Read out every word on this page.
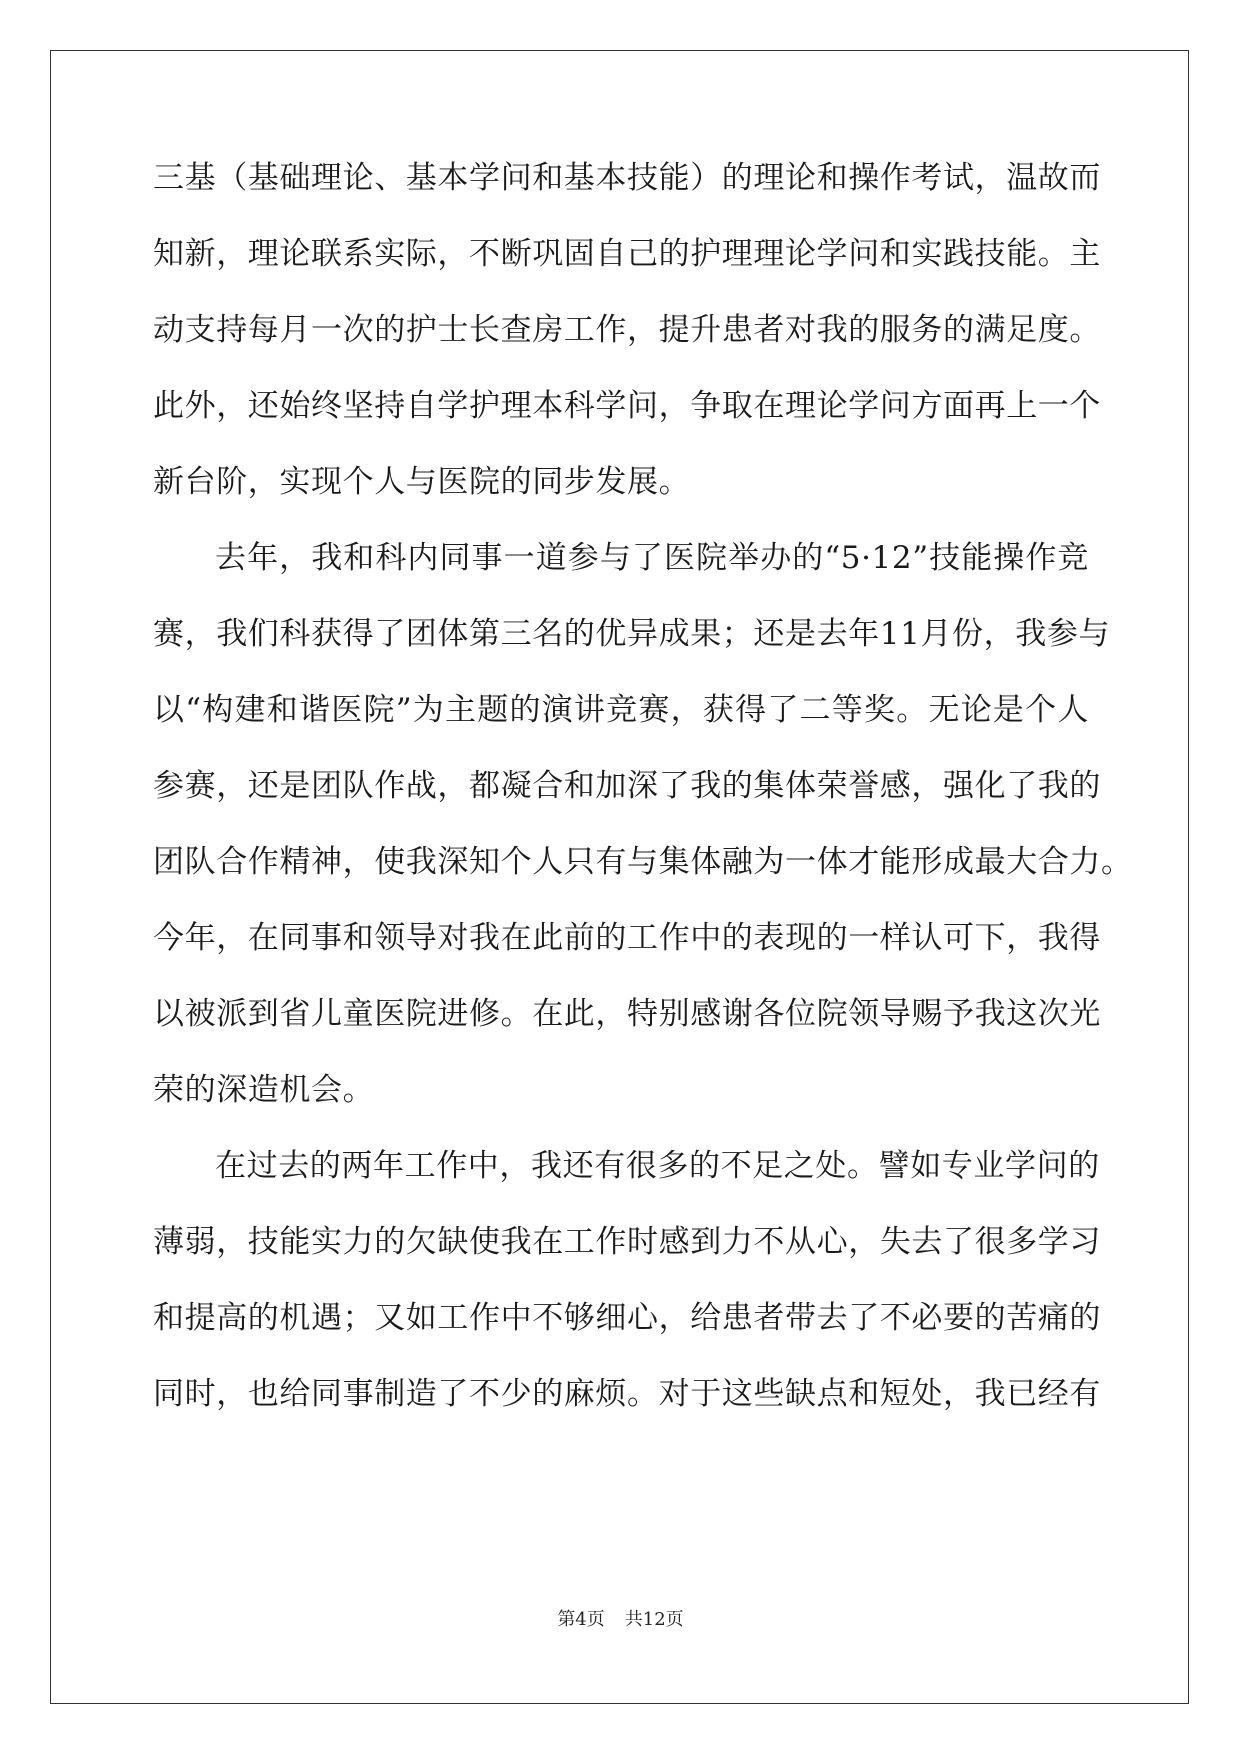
三基（基础理论、基本学问和基本技能）的理论和操作考试，温故而
知新，理论联系实际，不断巩固自己的护理理论学问和实践技能。主
动支持每月一次的护士长查房工作，提升患者对我的服务的满足度。
此外，还始终坚持自学护理本科学问，争取在理论学问方面再上一个
新台阶，实现个人与医院的同步发展。
去年，我和科内同事一道参与了医院举办的“5·12”技能操作竞
赛，我们科获得了团体第三名的优异成果；还是去年11月份，我参与
以“构建和谐医院”为主题的演讲竞赛，获得了二等奖。无论是个人
参赛，还是团队作战，都凝合和加深了我的集体荣誉感，强化了我的
团队合作精神，使我深知个人只有与集体融为一体才能形成最大合力。
今年，在同事和领导对我在此前的工作中的表现的一样认可下，我得
以被派到省儿童医院进修。在此，特别感谢各位院领导赐予我这次光
荣的深造机会。
在过去的两年工作中，我还有很多的不足之处。譬如专业学问的
薄弱，技能实力的欠缺使我在工作时感到力不从心，失去了很多学习
和提高的机遇；又如工作中不够细心，给患者带去了不必要的苦痛的
同时，也给同事制造了不少的麻烦。对于这些缺点和短处，我已经有
第4页 共12页
